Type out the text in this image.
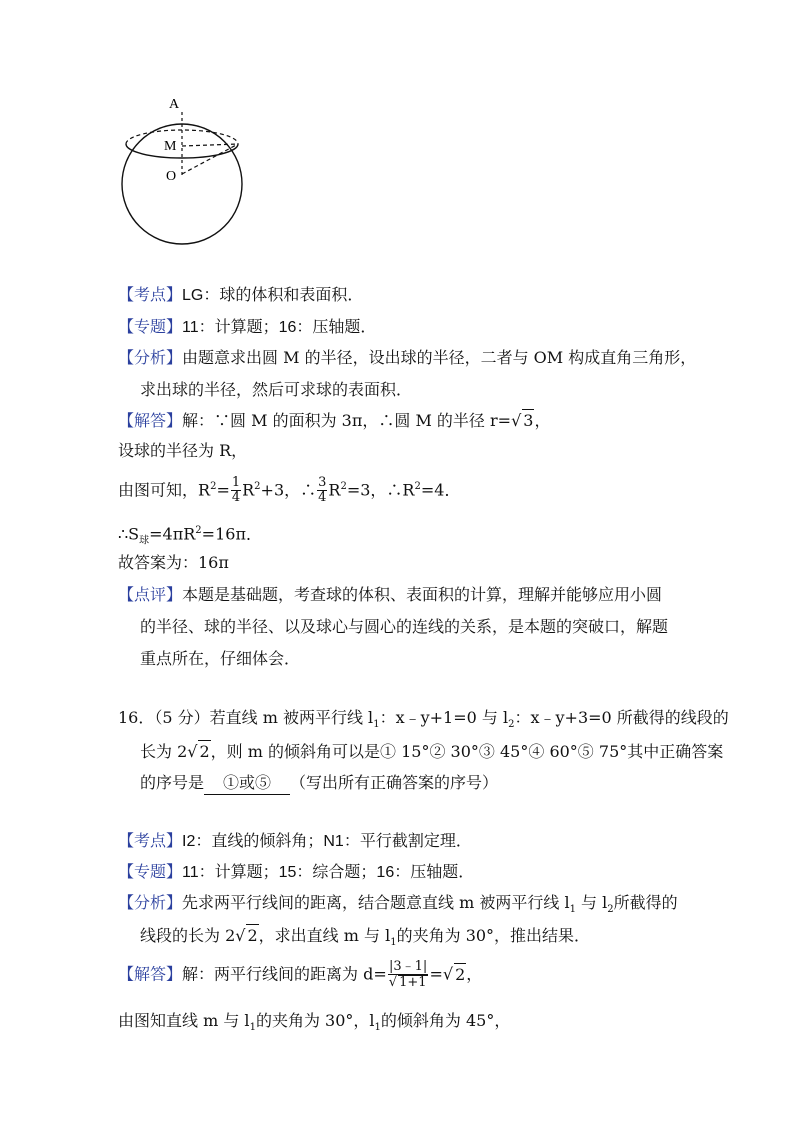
A
M
O
【考点】LG：球的体积和表面积．
【专题】11：计算题；16：压轴题．
【分析】由题意求出圆 M 的半径，设出球的半径，二者与 OM 构成直角三角形，
求出球的半径，然后可求球的表面积．
【解答】解：∵圆 M 的面积为 3π，∴圆 M 的半径 r=√ 3，
设球的半径为 R，
由图可知，$R^2= \frac{1}{4} R^2+3$，∴ $\frac{3}{4} R^2=3$，$\therefore R^2=4$．
$\therefore S_球=4\pi R^2=16\pi$．
故答案为：16π
【点评】本题是基础题，考查球的体积、表面积的计算，理解并能够应用小圆
的半径、球的半径、以及球心与圆心的连线的关系，是本题的突破口，解题
重点所在，仔细体会．
16．（5 分）若直线 m 被两平行线 $l_1$：x﹣y+1=0 与 $l_2$：x﹣y+3=0 所截得的线段的
长为 2√ 2，则 m 的倾斜角可以是① 15°② 30°③ 45°④ 60°⑤ 75°其中正确答案
的序号是 ①或⑤ （写出所有正确答案的序号）
【考点】I2：直线的倾斜角；N1：平行截割定理．
【专题】11：计算题；15：综合题；16：压轴题．
【分析】先求两平行线间的距离，结合题意直线 m 被两平行线 $l_1$ 与 $l_2$所截得的
线段的长为 2√ 2，求出直线 m 与 $l_1$的夹角为 30°，推出结果．
【解答】解：两平行线间的距离为 $d= \frac{|3﹣1|}{√ 1+1}$ =√ 2，
由图知直线 m 与 $l_1$的夹角为 30°，$l_1$的倾斜角为 45°，
